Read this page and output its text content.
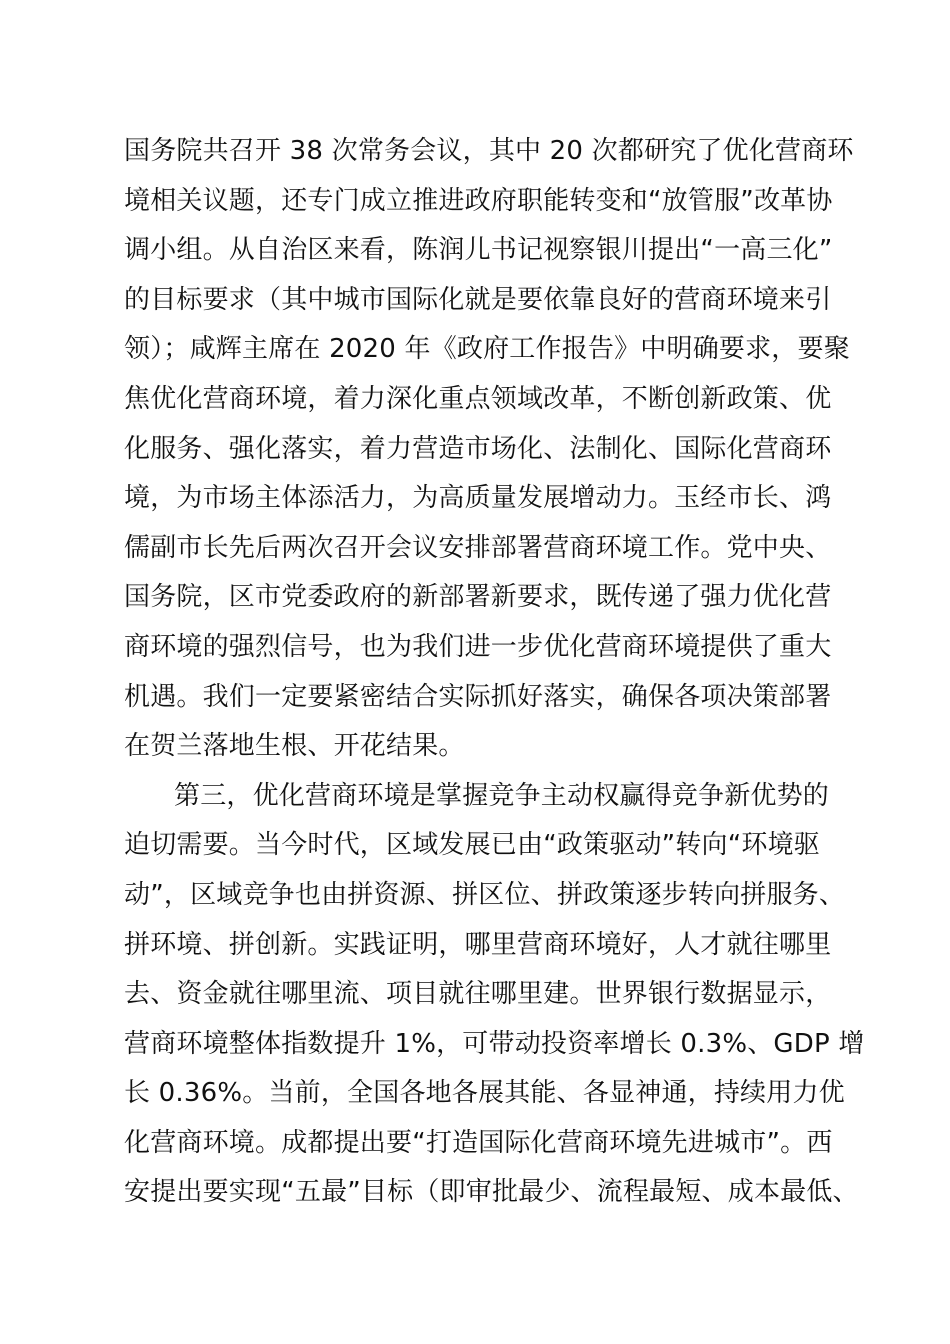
国务院共召开 38 次常务会议，其中 20 次都研究了优化营商环
境相关议题，还专门成立推进政府职能转变和“放管服”改革协
调小组。从自治区来看，陈润儿书记视察银川提出“一高三化”
的目标要求（其中城市国际化就是要依靠良好的营商环境来引
领）；咸辉主席在 2020 年《政府工作报告》中明确要求，要聚
焦优化营商环境，着力深化重点领域改革，不断创新政策、优
化服务、强化落实，着力营造市场化、法制化、国际化营商环
境，为市场主体添活力，为高质量发展增动力。玉经市长、鸿
儒副市长先后两次召开会议安排部署营商环境工作。党中央、
国务院，区市党委政府的新部署新要求，既传递了强力优化营
商环境的强烈信号，也为我们进一步优化营商环境提供了重大
机遇。我们一定要紧密结合实际抓好落实，确保各项决策部署
在贺兰落地生根、开花结果。
第三，优化营商环境是掌握竞争主动权赢得竞争新优势的
迫切需要。当今时代，区域发展已由“政策驱动”转向“环境驱
动”，区域竞争也由拼资源、拼区位、拼政策逐步转向拼服务、
拼环境、拼创新。实践证明，哪里营商环境好，人才就往哪里
去、资金就往哪里流、项目就往哪里建。世界银行数据显示，
营商环境整体指数提升 1%，可带动投资率增长 0.3%、GDP 增
长 0.36%。当前，全国各地各展其能、各显神通，持续用力优
化营商环境。成都提出要“打造国际化营商环境先进城市”。西
安提出要实现“五最”目标（即审批最少、流程最短、成本最低、
